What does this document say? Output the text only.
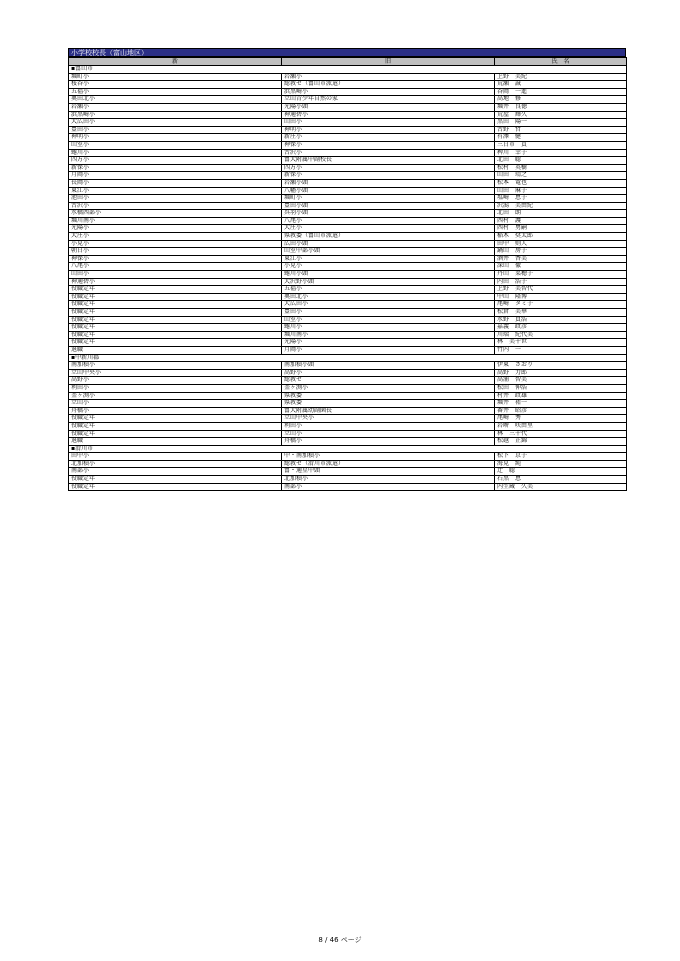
小学校校長（富山地区）
新	旧	氏　名
▪富山市		
堀町小	岩瀬小	上野　美紀
桜谷小	総教セ（富山市派遣）	荒瀬　誠
五福小	浜黒崎小	谷岡　一進
奥田北小	立山青少年自然の家	高地　修
岩瀬小	光陽小頭	堀井　良徳
浜黒崎小	神通碧小	荒屋　輝久
大広田小	山田小	黒田　陽一
豊田小	神明小	古野　哲
神明小	新庄小	有澤　健
山室小	神保小	三日市　貢
蜷川小	古沢小	稗川　幸子
四方小	富大附属中副校長	北田　聡
新保小	四方小	松村　英樹
月岡小	新保小	山田　靖之
長岡小	岩瀬小頭	松本　竜也
東江小	八幡小頭	山田　麻子
池田小	堀町小	塩崎　恵子
古沢小	豊田小頭	沢潟　美由紀
水橋西部小	呉羽小頭	北田　朗
堀川南小	八尾小	西村　護
光陽小	大庄小	西村　勇嗣
大庄小	県教委（富山市派遣）	稲木　奨太郎
小見小	広田小頭	田中　则人
朝日小	山室中部小頭	鍋山　房子
神保小	東江小	酒井　香美
八尾小	小見小	深山　徹
山田小	蜷川小頭	丹山　菜穂子
神通碧小	大沢野小頭	内田　浩子
役職定年	五福小	上野　美智代
役職定年	奥田北小	中山　隆博
役職定年	大広田小	尾崎　タミ子
役職定年	豊田小	松倉　美華
役職定年	山室小	水野　貞浩
役職定年	蜷川小	嘉義　政彦
役職定年	堀川南小	川端　紀代美
役職定年	光陽小	林　美千世
退職	月岡小	竹内　一
▪中新川郡		
南加積小	南加積小頭	伊東　さおり
立山中央小	高野小	高野　力郎
高野小	総教セ	高浦　智美
利田小	釜ヶ渕小	松田　伸浩
釜ヶ渕小	県教委	村井　政雄
立山小	県教委	堀井　祐一
舟橋小	富大附属幼副園長	番井　昭彦
役職定年	立山中央小	尾崎　秀
役職定年	利田小	岩峅　咲由里
役職定年	立山小	林　三千代
退職	舟橋小	松越　正錦
▪滑川市		
田中小	中・南加積小	松下　京子
北加積小	総教セ（滑川市派遣）	海見　純
南部小	富・通星中頭	辻　聡
役職定年	北加積小	石黒　恵
役職定年	南部小	内生蔵　久美
8 / 46 ページ
